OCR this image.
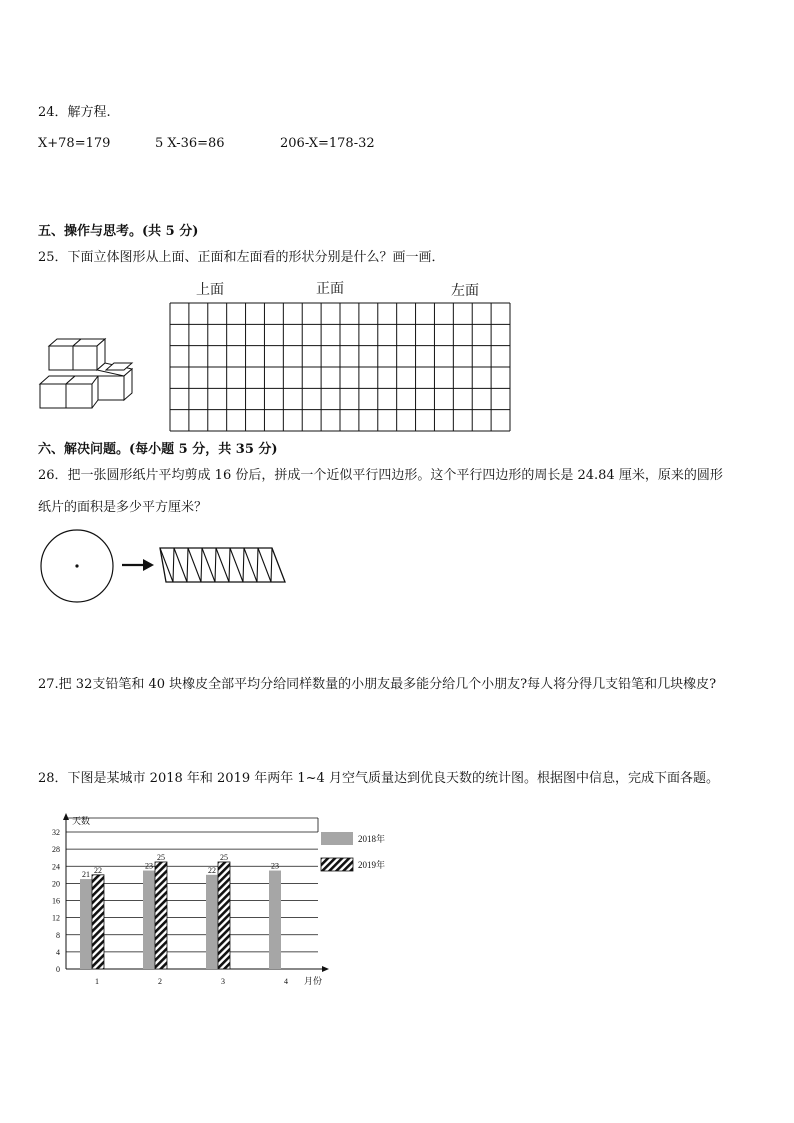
24．解方程.
X+78=179	5 X-36=86	206-X=178-32
五、操作与思考。(共 5 分)
25．下面立体图形从上面、正面和左面看的形状分别是什么？画一画．
上面	正面	左面
六、解决问题。(每小题 5 分，共 35 分)
26．把一张圆形纸片平均剪成 16 份后，拼成一个近似平行四边形。这个平行四边形的周长是 24.84 厘米，原来的圆形
纸片的面积是多少平方厘米？
27.把 32支铅笔和 40 块橡皮全部平均分给同样数量的小朋友最多能分给几个小朋友?每人将分得几支铅笔和几块橡皮?
28．下图是某城市 2018 年和 2019 年两年 1~4 月空气质量达到优良天数的统计图。根据图中信息，完成下面各题。
0
4
8
12
16
20
24
28
32
天数
月份
21 22
1
23
25
2
22
25
3
23
4
2018年
2019年
